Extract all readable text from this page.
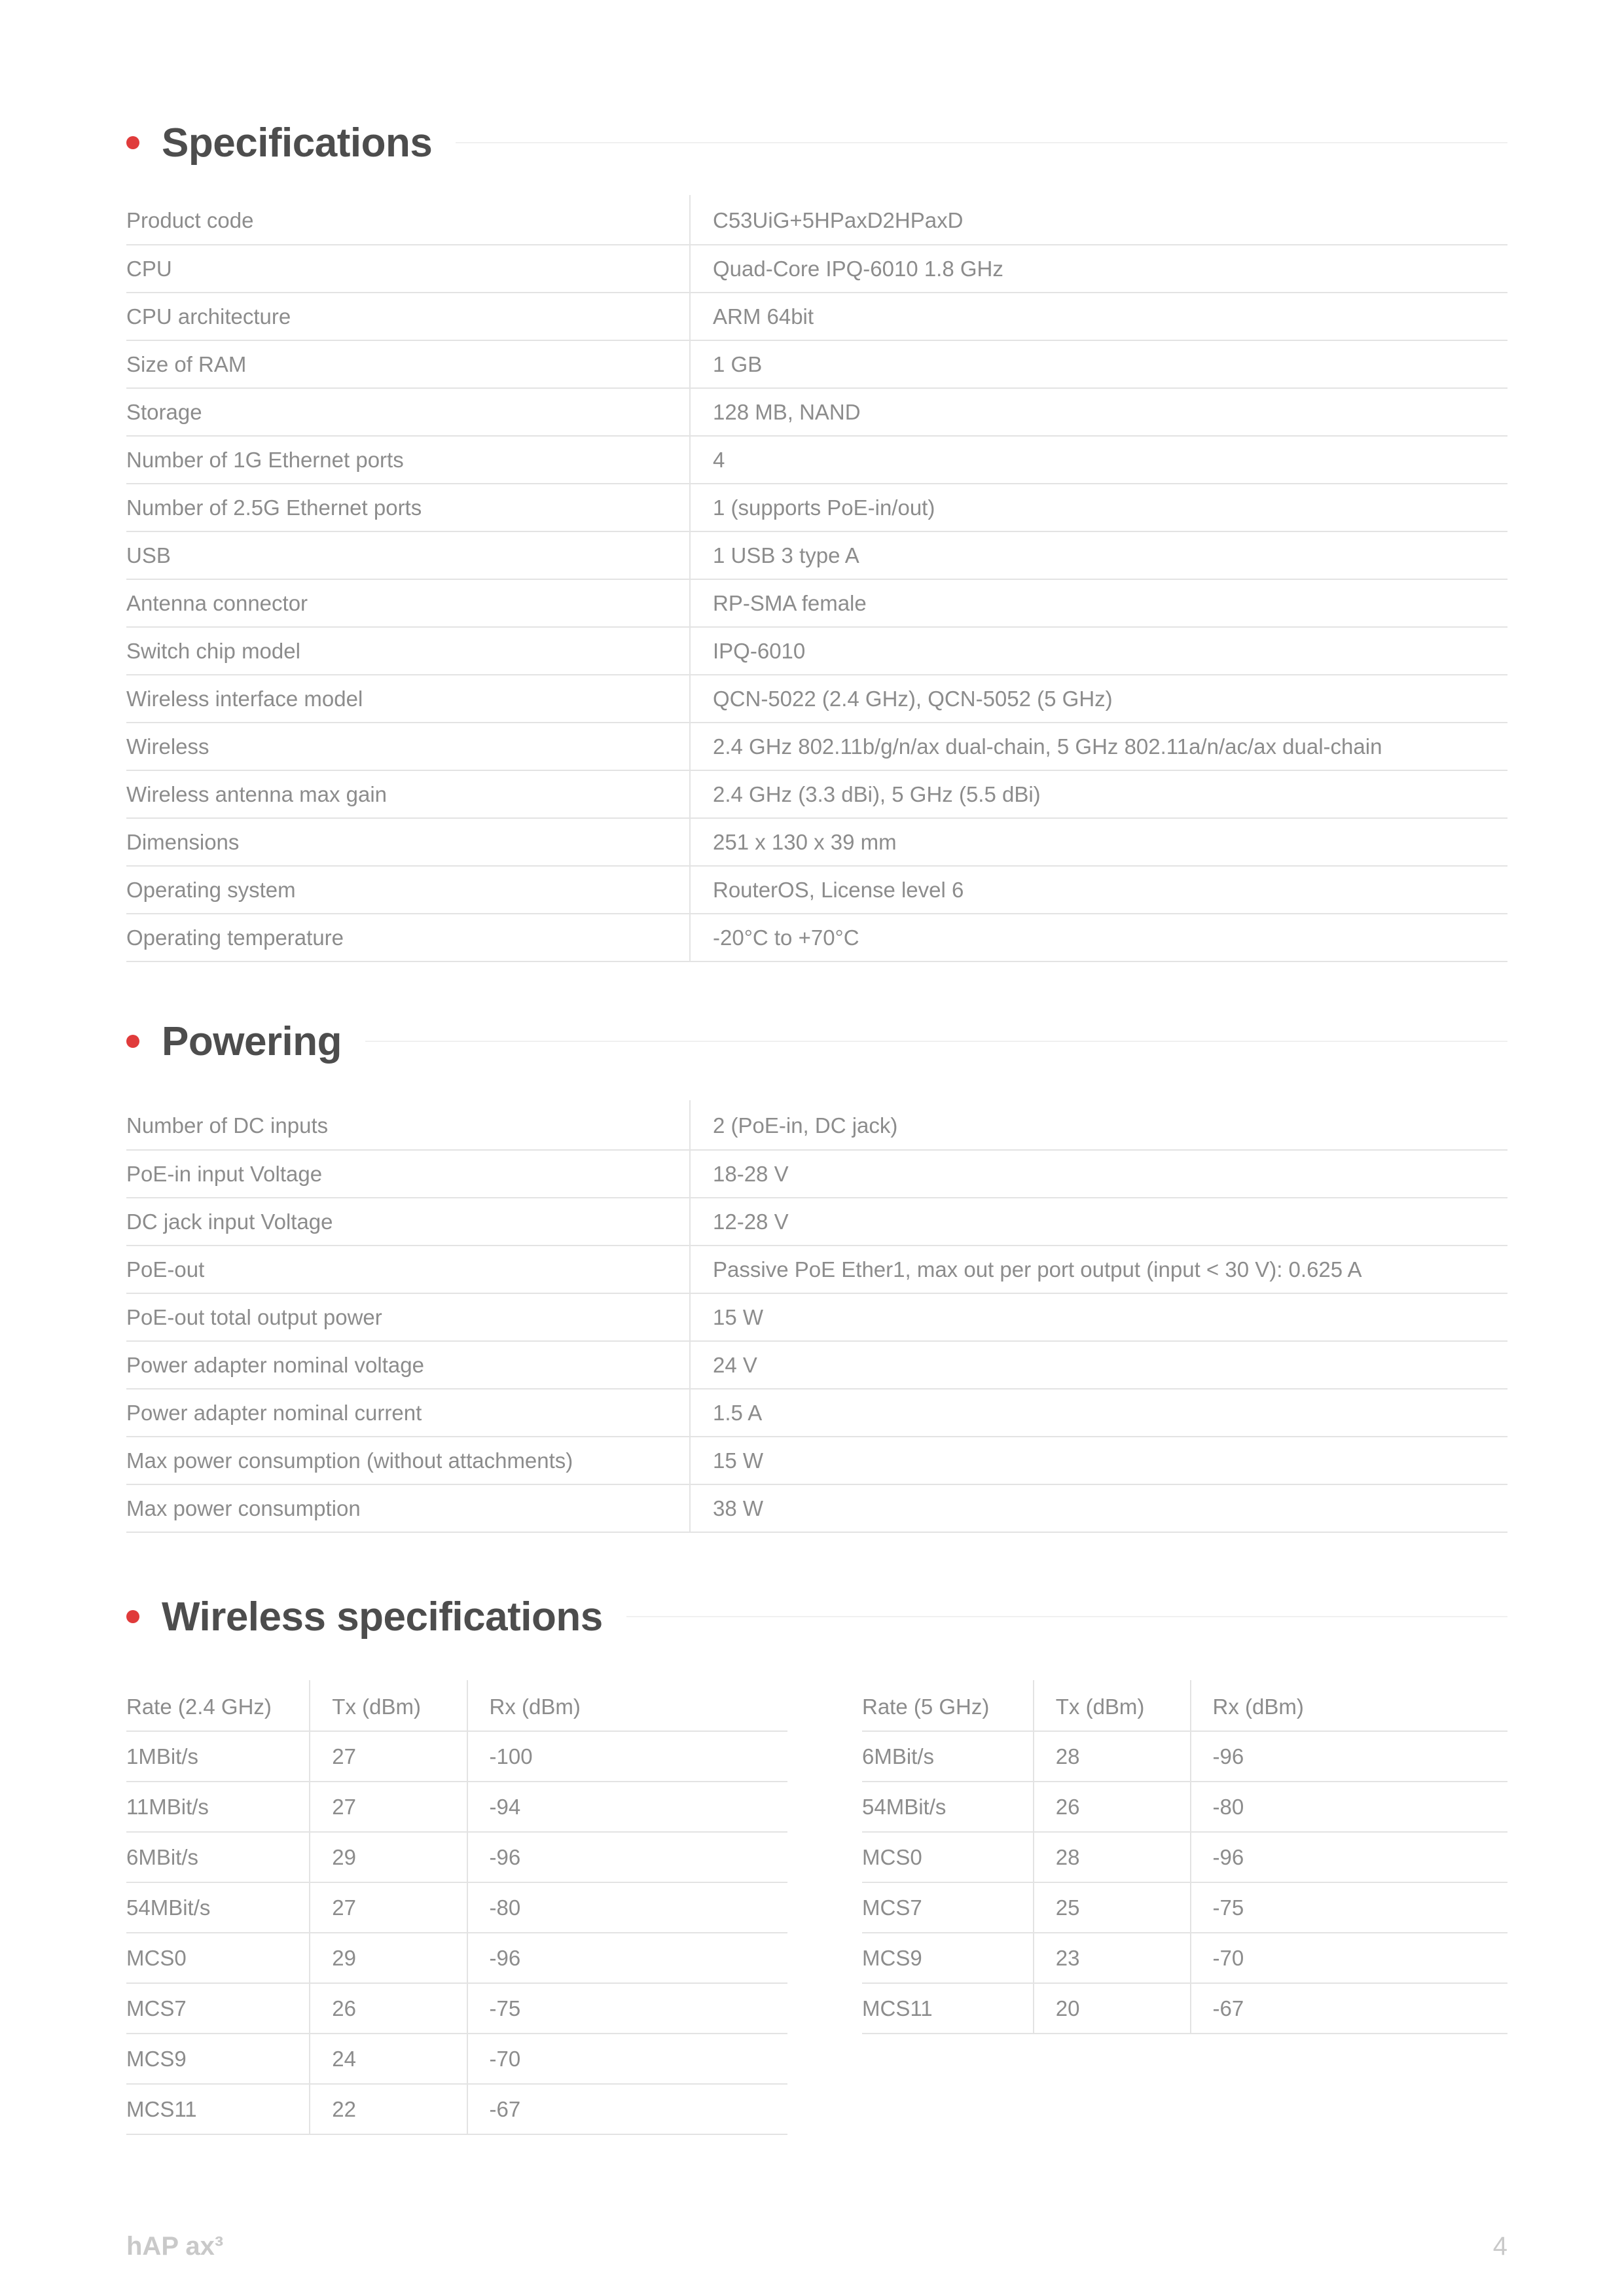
Specifications
Product code	C53UiG+5HPaxD2HPaxD
CPU	Quad-Core IPQ-6010 1.8 GHz
CPU architecture	ARM 64bit
Size of RAM	1 GB
Storage	128 MB, NAND
Number of 1G Ethernet ports	4
Number of 2.5G Ethernet ports	1 (supports PoE-in/out)
USB	1 USB 3 type A
Antenna connector	RP-SMA female
Switch chip model	IPQ-6010
Wireless interface model	QCN-5022 (2.4 GHz), QCN-5052 (5 GHz)
Wireless	2.4 GHz 802.11b/g/n/ax dual-chain, 5 GHz 802.11a/n/ac/ax dual-chain
Wireless antenna max gain	2.4 GHz (3.3 dBi), 5 GHz (5.5 dBi)
Dimensions	251 x 130 x 39 mm
Operating system	RouterOS, License level 6
Operating temperature	-20°C to +70°C
Powering
Number of DC inputs	2 (PoE-in, DC jack)
PoE-in input Voltage	18-28 V
DC jack input Voltage	12-28 V
PoE-out	Passive PoE Ether1, max out per port output (input < 30 V): 0.625 A
PoE-out total output power	15 W
Power adapter nominal voltage	24 V
Power adapter nominal current	1.5 A
Max power consumption (without attachments)	15 W
Max power consumption	38 W
Wireless specifications
Rate (2.4 GHz)	Tx (dBm)	Rx (dBm)
1MBit/s	27	-100
11MBit/s	27	-94
6MBit/s	29	-96
54MBit/s	27	-80
MCS0	29	-96
MCS7	26	-75
MCS9	24	-70
MCS11	22	-67
Rate (5 GHz)	Tx (dBm)	Rx (dBm)
6MBit/s	28	-96
54MBit/s	26	-80
MCS0	28	-96
MCS7	25	-75
MCS9	23	-70
MCS11	20	-67
hAP ax³	4
